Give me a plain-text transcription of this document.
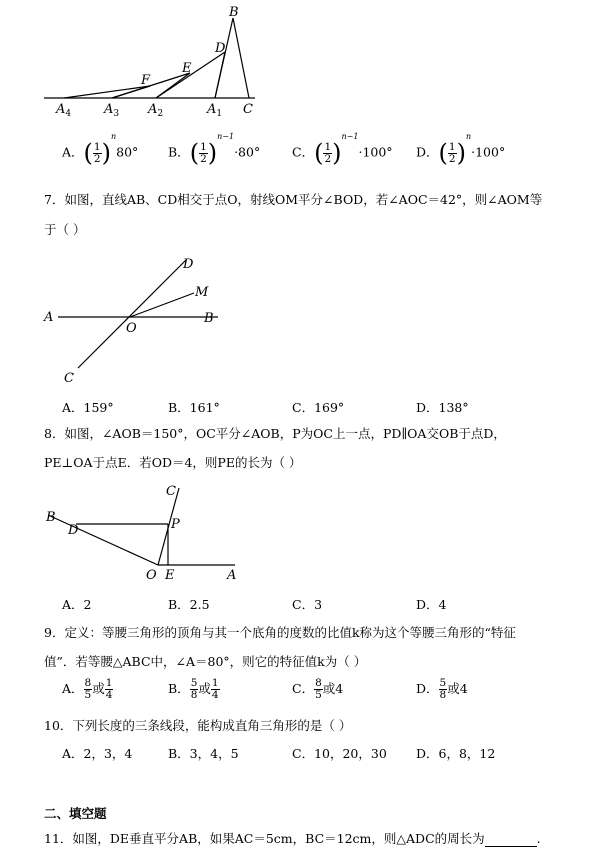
B
D
E
F
$A_4$	$A_3$ $A_2$	$A_1$ C
A．( $\frac{1}{2} )^n80^\circ$ B．( $\frac{1}{2} )^{n-1}\cdot 80^\circ$	C．( $\frac{1}{2} )^{n-1}\cdot 100^\circ$ D．( $\frac{1}{2} )^n\cdot 100^\circ$
7．如图，直线AB、CD相交于点O，射线OM平分∠BOD，若∠AOC＝42°，则∠AOM等
于（ ）
A	B
C
D
M
O
A．159°	B．161°	C．169°	D．138°
8．如图，∠AOB＝150°，OC平分∠AOB，P为OC上一点，PD∥OA交OB于点D，
PE⊥OA于点E．若OD＝4，则PE的长为（ ）
A
B
C
D
E
O
P
A．2	B．2.5	C．3	D．4
9．定义：等腰三角形的顶角与其一个底角的度数的比值k称为这个等腰三角形的“特征
值”．若等腰△ABC中，∠A＝80°，则它的特征值k为（ ）
A． $\frac{8}{5}$ 或 $\frac{1}{4}$	B． $\frac{5}{8}$ 或 $\frac{1}{4}$	C． $\frac{8}{5}$ 或4	D． $\frac{5}{8}$ 或4
10．下列长度的三条线段，能构成直角三角形的是（ ）
A．2，3，4	B．3，4，5	C．10，20，30 D．6，8，12
二、填空题
11．如图，DE垂直平分AB，如果AC＝5cm，BC＝12cm，则△ADC的周长为	.
